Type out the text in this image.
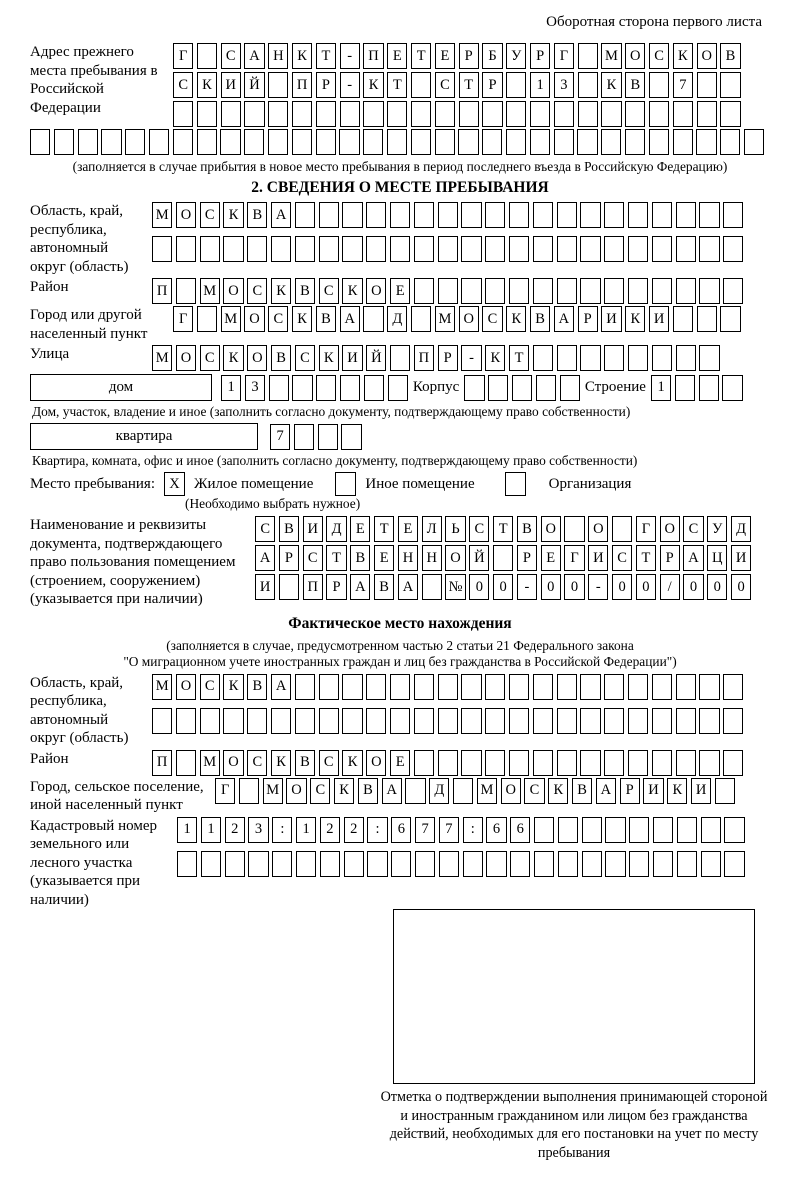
Оборотная сторона первого листа
Адрес прежнего места пребывания в Российской Федерации
Г	С А Н К	Т	-	П Е	Т	Е	Р	Б У	Р	Г	М О С К О В
С К И Й	П	Р	-	К	Т	С	Т	Р	1	3	К В	7
(заполняется в случае прибытия в новое место пребывания в период последнего въезда в Российскую Федерацию)
2. СВЕДЕНИЯ О МЕСТЕ ПРЕБЫВАНИЯ
Область, край, республика, автономный округ (область)
М О С К В А
Район	П	М О С К В С К О Е
Город или другой населенный пункт
Г	М О С К В А	Д	М О С К В А	Р	И К И
Улица	М О С К О В С К И Й	П	Р	-	К	Т
дом	1	3	Корпус	Строение 1
Дом, участок, владение и иное (заполнить согласно документу, подтверждающему право собственности)
квартира	7
Квартира, комната, офис и иное (заполнить согласно документу, подтверждающему право собственности)
Место пребывания: X Жилое помещение	Иное помещение	Организация
(Необходимо выбрать нужное)
Наименование и реквизиты документа, подтверждающего право пользования помещением (строением, сооружением) (указывается при наличии)
С В И Д Е	Т	Е Л	Ь	С	Т	В О	О	Г О С У Д
А	Р	С	Т	В	Е Н Н О Й	Р	Е	Г И С	Т	Р	А Ц И
И	П	Р	А В А	№ 0	0	-	0	0	-	0	0	/	0	0	0
Фактическое место нахождения
(заполняется в случае, предусмотренном частью 2 статьи 21 Федерального закона
"О миграционном учете иностранных граждан и лиц без гражданства в Российской Федерации")
Область, край, республика, автономный округ (область)
М О С К В А
Район	П	М О С К В С К О Е
Город, сельское поселение, иной населенный пункт
Г	М О С К В А	Д	М О С К В А	Р	И К И
Кадастровый номер земельного или лесного участка (указывается при наличии)
1	1	2	3	:	1	2	2	:	6	7	7	:	6	6
Отметка о подтверждении выполнения принимающей стороной и иностранным гражданином или лицом без гражданства действий, необходимых для его постановки на учет по месту пребывания
